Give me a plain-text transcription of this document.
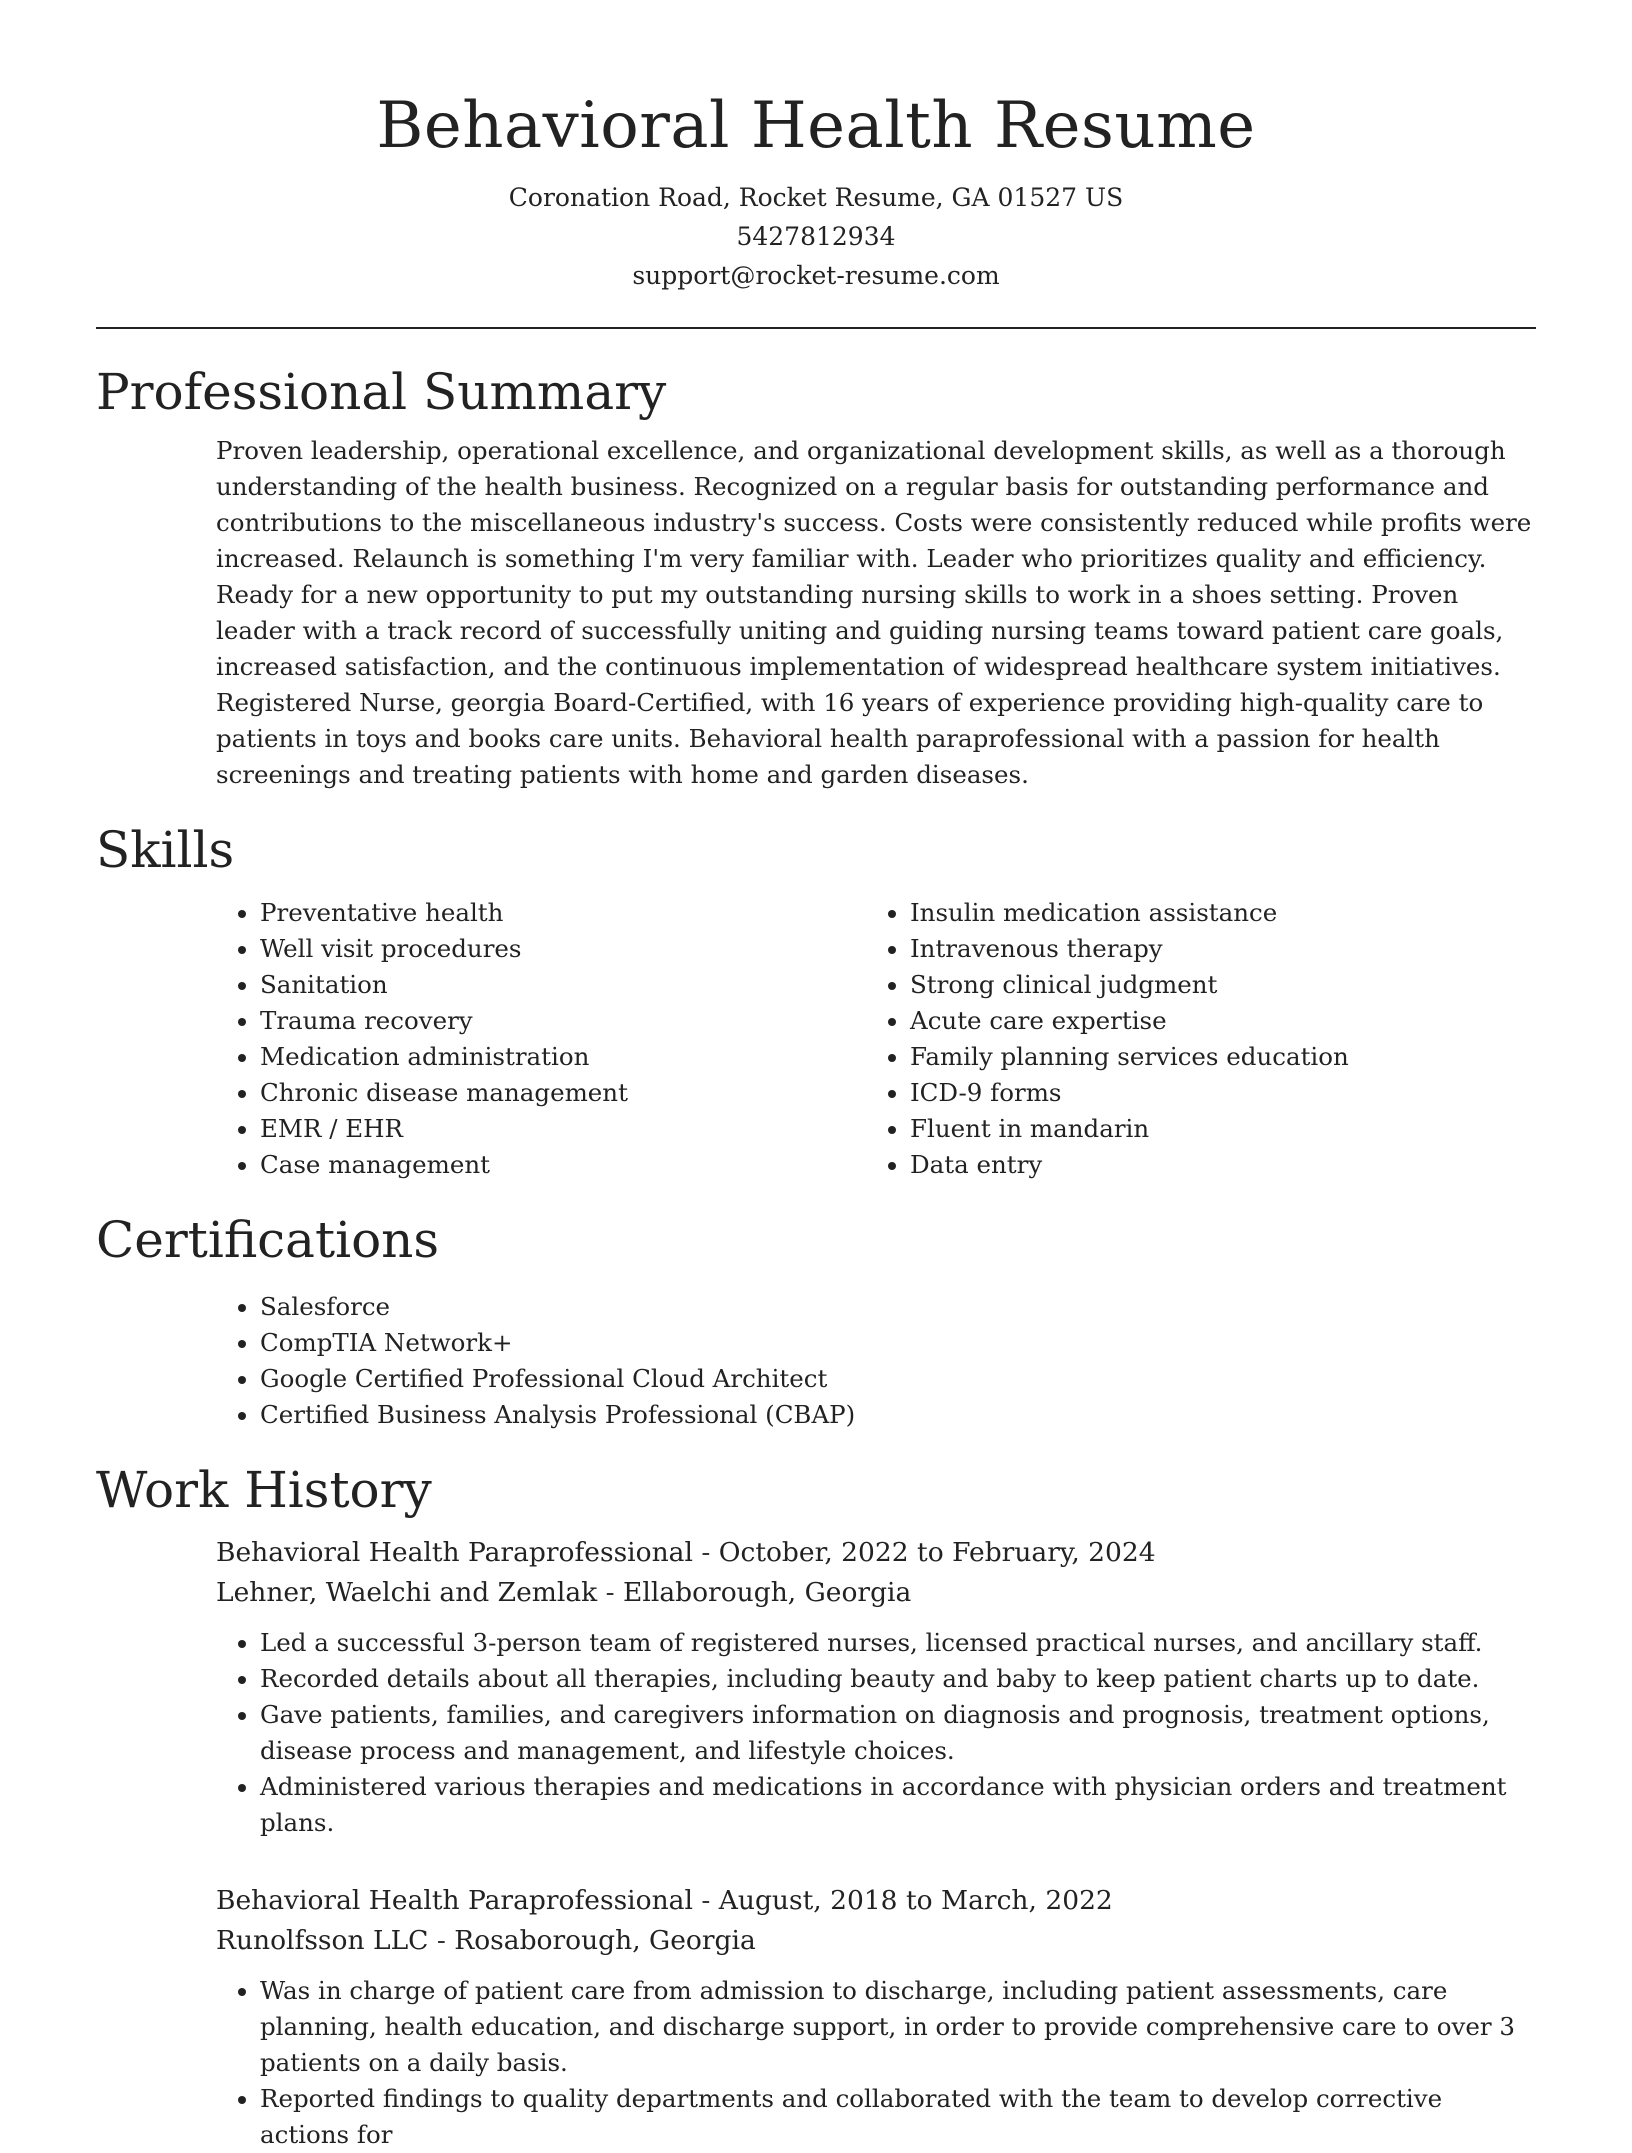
Behavioral Health Resume
Coronation Road, Rocket Resume, GA 01527 US
5427812934
support@rocket-resume.com
Professional Summary

Proven leadership, operational excellence, and organizational development skills, as well as a thorough understanding of the health business. Recognized on a regular basis for outstanding performance and contributions to the miscellaneous industry's success. Costs were consistently reduced while profits were increased. Relaunch is something I'm very familiar with. Leader who prioritizes quality and efficiency. Ready for a new opportunity to put my outstanding nursing skills to work in a shoes setting. Proven leader with a track record of successfully uniting and guiding nursing teams toward patient care goals, increased satisfaction, and the continuous implementation of widespread healthcare system initiatives. Registered Nurse, georgia Board-Certified, with 16 years of experience providing high-quality care to patients in toys and books care units. Behavioral health paraprofessional with a passion for health screenings and treating patients with home and garden diseases.

Skills
• Preventative health
• Well visit procedures
• Sanitation
• Trauma recovery
• Medication administration
• Chronic disease management
• EMR / EHR
• Case management
• Insulin medication assistance
• Intravenous therapy
• Strong clinical judgment
• Acute care expertise
• Family planning services education
• ICD-9 forms
• Fluent in mandarin
• Data entry
Certifications
• Salesforce
• CompTIA Network+
• Google Certified Professional Cloud Architect
• Certified Business Analysis Professional (CBAP)
Work History
Behavioral Health Paraprofessional - October, 2022 to February, 2024
Lehner, Waelchi and Zemlak - Ellaborough, Georgia
• Led a successful 3-person team of registered nurses, licensed practical nurses, and ancillary staff.
• Recorded details about all therapies, including beauty and baby to keep patient charts up to date.
• Gave patients, families, and caregivers information on diagnosis and prognosis, treatment options, disease process and management, and lifestyle choices.
• Administered various therapies and medications in accordance with physician orders and treatment plans.
Behavioral Health Paraprofessional - August, 2018 to March, 2022
Runolfsson LLC - Rosaborough, Georgia
• Was in charge of patient care from admission to discharge, including patient assessments, care planning, health education, and discharge support, in order to provide comprehensive care to over 3 patients on a daily basis.
• Reported findings to quality departments and collaborated with the team to develop corrective actions for
